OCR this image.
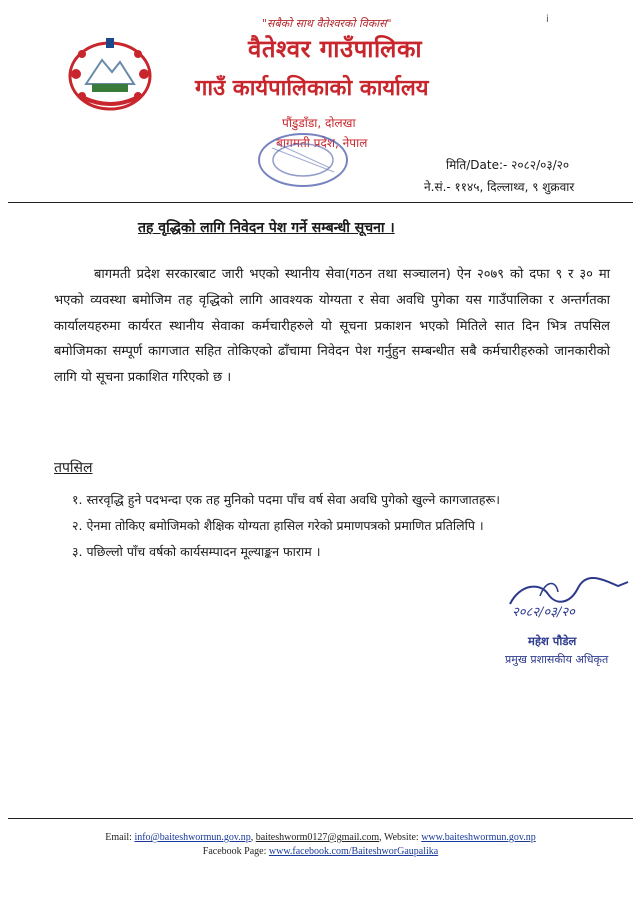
"सबैको साथ वैतेश्वरको विकास"	i
वैतेश्वर गाउँपालिका
गाउँ कार्यपालिकाको कार्यालय
पौंडुडाँडा, दोलखा
बागमती प्रदेश, नेपाल
मिति/Date:- २०८२/०३/२०
ने.सं.- ११४५, दिल्लाथ्व, ९ शुक्रवार
तह वृद्धिको लागि निवेदन पेश गर्ने सम्बन्धी सूचना ।

बागमती प्रदेश सरकारबाट जारी भएको स्थानीय सेवा(गठन तथा सञ्चालन) ऐन २०७९ को दफा ९ र ३० मा भएको व्यवस्था बमोजिम तह वृद्धिको लागि आवश्यक योग्यता र सेवा अवधि पुगेका यस गाउँपालिका र अन्तर्गतका कार्यालयहरुमा कार्यरत स्थानीय सेवाका कर्मचारीहरुले यो सूचना प्रकाशन भएको मितिले सात दिन भित्र तपसिल बमोजिमका सम्पूर्ण कागजात सहित तोकिएको ढाँचामा निवेदन पेश गर्नुहुन सम्बन्धीत सबै कर्मचारीहरुको जानकारीको लागि यो सूचना प्रकाशित गरिएको छ ।

तपसिल
१. स्तरवृद्धि हुने पदभन्दा एक तह मुनिको पदमा पाँच वर्ष सेवा अवधि पुगेको खुल्ने कागजातहरू।
२. ऐनमा तोकिए बमोजिमको शैक्षिक योग्यता हासिल गरेको प्रमाणपत्रको प्रमाणित प्रतिलिपि ।
३. पछिल्लो पाँच वर्षको कार्यसम्पादन मूल्याङ्कन फाराम ।
२०८२/०३/२०
महेश पौडेल
प्रमुख प्रशासकीय अधिकृत
Email: info@baiteshwormun.gov.np, baiteshworm0127@gmail.com, Website: www.baiteshwormun.gov.np
Facebook Page: www.facebook.com/BaiteshworGaupalika
